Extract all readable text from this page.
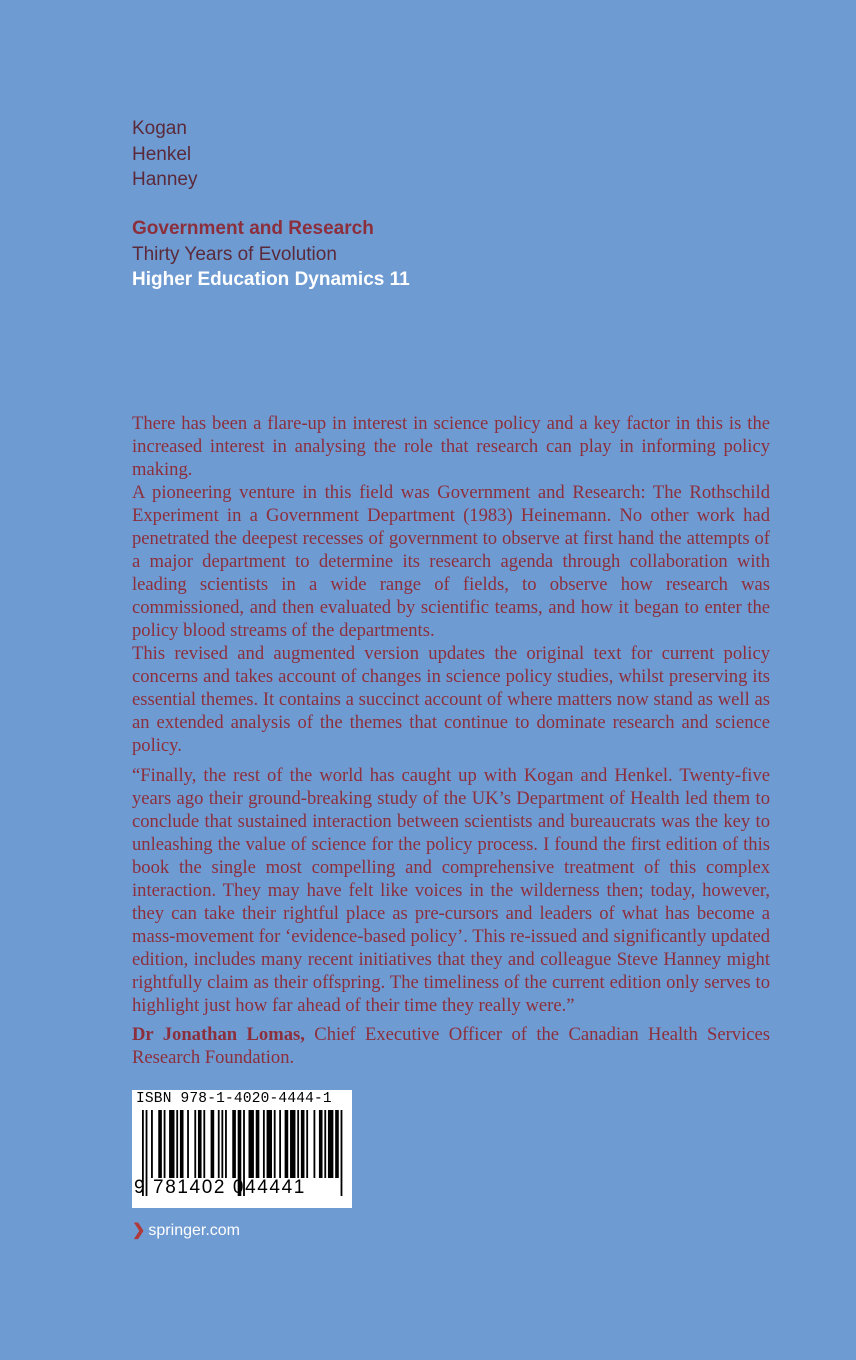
Kogan
Henkel
Hanney
Government and Research
Thirty Years of Evolution
Higher Education Dynamics 11

There has been a flare-up in interest in science policy and a key factor in this is the increased interest in analysing the role that research can play in informing policy making.

A pioneering venture in this field was Government and Research: The Rothschild Experiment in a Government Department (1983) Heinemann. No other work had penetrated the deepest recesses of government to observe at first hand the attempts of a major department to determine its research agenda through collaboration with leading scientists in a wide range of fields, to observe how research was commissioned, and then evaluated by scientific teams, and how it began to enter the policy blood streams of the departments.

This revised and augmented version updates the original text for current policy concerns and takes account of changes in science policy studies, whilst preserving its essential themes. It contains a succinct account of where matters now stand as well as an extended analysis of the themes that continue to dominate research and science policy.

“Finally, the rest of the world has caught up with Kogan and Henkel. Twenty-five years ago their ground-breaking study of the UK’s Department of Health led them to conclude that sustained interaction between scientists and bureaucrats was the key to unleashing the value of science for the policy process. I found the first edition of this book the single most compelling and comprehensive treatment of this complex interaction. They may have felt like voices in the wilderness then; today, however, they can take their rightful place as pre-cursors and leaders of what has become a mass-movement for ‘evidence-based policy’. This re-issued and significantly updated edition, includes many recent initiatives that they and colleague Steve Hanney might rightfully claim as their offspring. The timeliness of the current edition only serves to highlight just how far ahead of their time they really were.”

Dr Jonathan Lomas, Chief Executive Officer of the Canadian Health Services Research Foundation.

ISBN 978-1-4020-4444-1
9 781402 044441
❯ springer.com
